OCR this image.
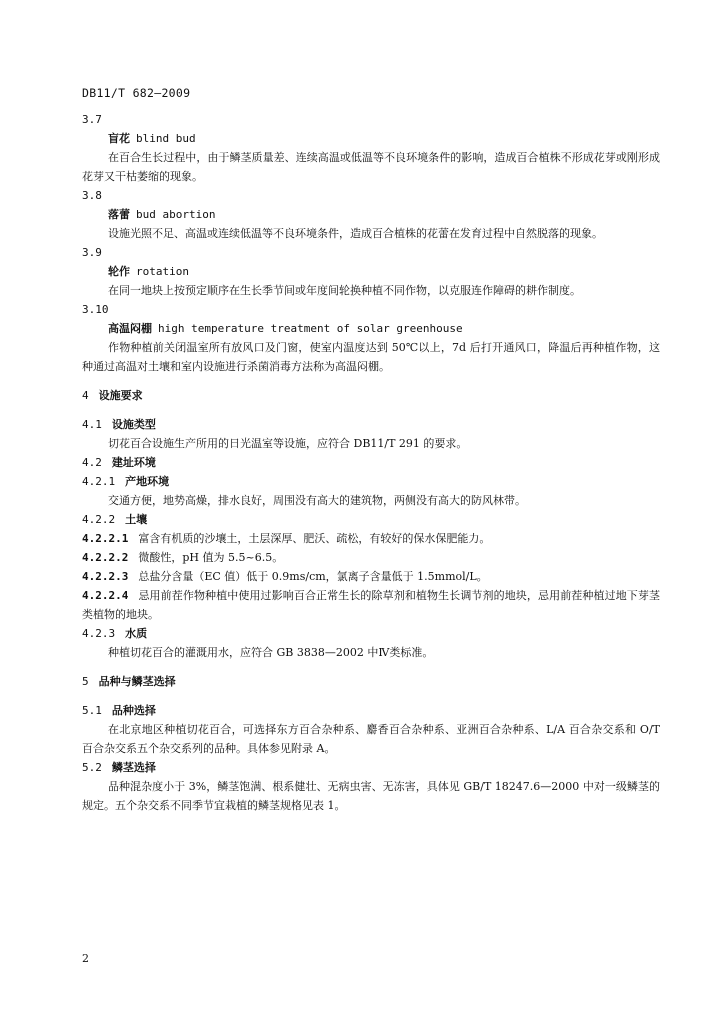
DB11/T 682—2009
3.7
盲花 blind bud

在百合生长过程中，由于鳞茎质量差、连续高温或低温等不良环境条件的影响，造成百合植株不形成花芽或刚形成花芽又干枯萎缩的现象。

3.8
落蕾 bud abortion

设施光照不足、高温或连续低温等不良环境条件，造成百合植株的花蕾在发育过程中自然脱落的现象。

3.9
轮作 rotation

在同一地块上按预定顺序在生长季节间或年度间轮换种植不同作物，以克服连作障碍的耕作制度。

3.10
高温闷棚 high temperature treatment of solar greenhouse

作物种植前关闭温室所有放风口及门窗，使室内温度达到 50℃以上，7d 后打开通风口，降温后再种植作物，这种通过高温对土壤和室内设施进行杀菌消毒方法称为高温闷棚。

4 设施要求
4.1 设施类型

切花百合设施生产所用的日光温室等设施，应符合 DB11/T 291 的要求。

4.2 建址环境
4.2.1 产地环境

交通方便，地势高燥，排水良好，周围没有高大的建筑物，两侧没有高大的防风林带。

4.2.2 土壤
4.2.2.1 富含有机质的沙壤土，土层深厚、肥沃、疏松，有较好的保水保肥能力。
4.2.2.2 微酸性，pH 值为 5.5~6.5。
4.2.2.3 总盐分含量（EC 值）低于 0.9ms/cm，氯离子含量低于 1.5mmol/L。

4.2.2.4 忌用前茬作物种植中使用过影响百合正常生长的除草剂和植物生长调节剂的地块，忌用前茬种植过地下芽茎类植物的地块。

4.2.3 水质

种植切花百合的灌溉用水，应符合 GB 3838—2002 中Ⅳ类标准。

5 品种与鳞茎选择
5.1 品种选择

在北京地区种植切花百合，可选择东方百合杂种系、麝香百合杂种系、亚洲百合杂种系、L/A 百合杂交系和 O/T 百合杂交系五个杂交系列的品种。具体参见附录 A。

5.2 鳞茎选择

品种混杂度小于 3%，鳞茎饱满、根系健壮、无病虫害、无冻害，具体见 GB/T 18247.6—2000 中对一级鳞茎的规定。五个杂交系不同季节宜栽植的鳞茎规格见表 1。

2
